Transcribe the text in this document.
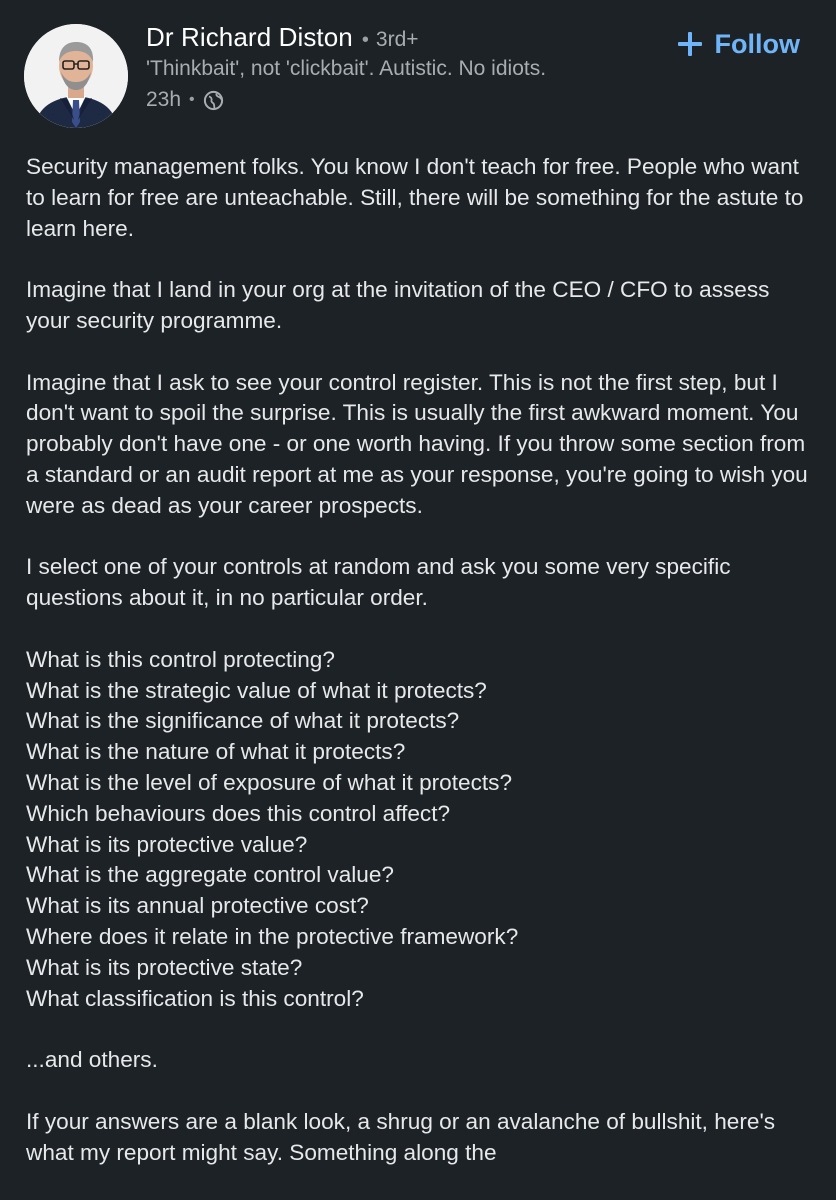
Dr Richard Diston • 3rd+
'Thinkbait', not 'clickbait'. Autistic. No idiots.
23h •
Follow

Security management folks. You know I don't teach for free. People who want to learn for free are unteachable. Still, there will be something for the astute to learn here.

Imagine that I land in your org at the invitation of the CEO / CFO to assess your security programme.

Imagine that I ask to see your control register. This is not the first step, but I don't want to spoil the surprise. This is usually the first awkward moment. You probably don't have one - or one worth having. If you throw some section from a standard or an audit report at me as your response, you're going to wish you were as dead as your career prospects.

I select one of your controls at random and ask you some very specific questions about it, in no particular order.

What is this control protecting?
What is the strategic value of what it protects?
What is the significance of what it protects?
What is the nature of what it protects?
What is the level of exposure of what it protects?
Which behaviours does this control affect?
What is its protective value?
What is the aggregate control value?
What is its annual protective cost?
Where does it relate in the protective framework?
What is its protective state?
What classification is this control?

...and others.

If your answers are a blank look, a shrug or an avalanche of bullshit, here's what my report might say. Something along the
